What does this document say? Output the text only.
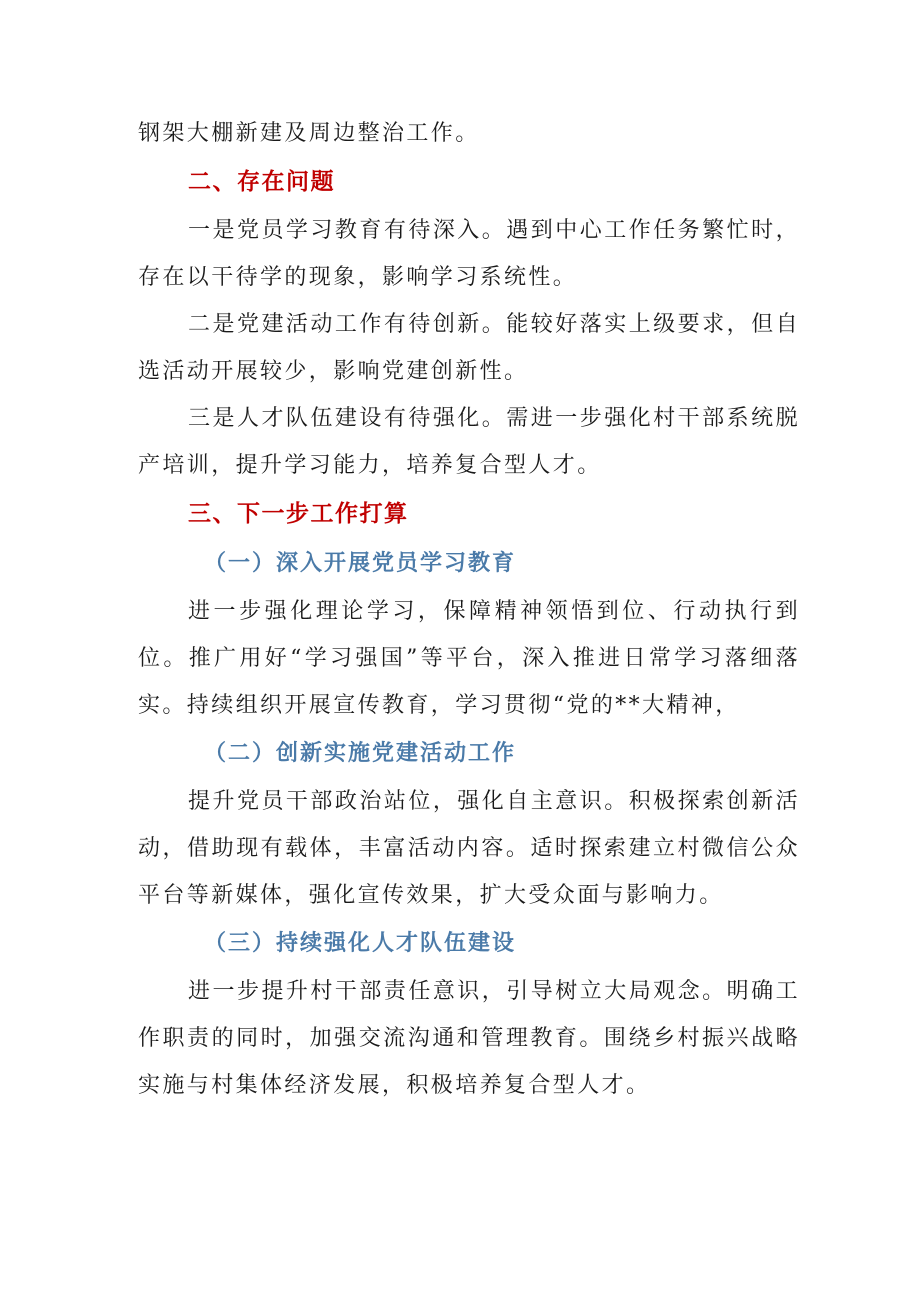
钢架大棚新建及周边整治工作。

二、存在问题

一是党员学习教育有待深入。遇到中心工作任务繁忙时，存在以干待学的现象，影响学习系统性。

二是党建活动工作有待创新。能较好落实上级要求，但自选活动开展较少，影响党建创新性。

三是人才队伍建设有待强化。需进一步强化村干部系统脱产培训，提升学习能力，培养复合型人才。

三、下一步工作打算
（一）深入开展党员学习教育

进一步强化理论学习，保障精神领悟到位、行动执行到位。推广用好“学习强国”等平台，深入推进日常学习落细落实。持续组织开展宣传教育，学习贯彻“党的**大精神，

（二）创新实施党建活动工作

提升党员干部政治站位，强化自主意识。积极探索创新活动，借助现有载体，丰富活动内容。适时探索建立村微信公众平台等新媒体，强化宣传效果，扩大受众面与影响力。

（三）持续强化人才队伍建设

进一步提升村干部责任意识，引导树立大局观念。明确工作职责的同时，加强交流沟通和管理教育。围绕乡村振兴战略实施与村集体经济发展，积极培养复合型人才。
